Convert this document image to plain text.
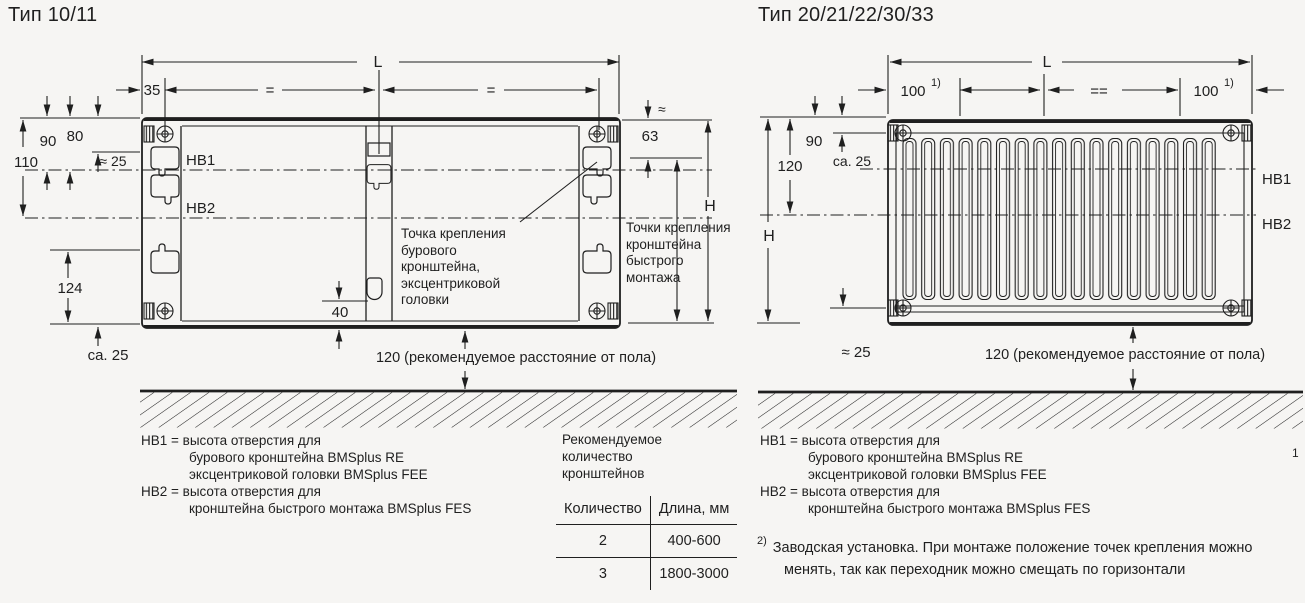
L
35	=	=
90 80
110	≈ 25	HB1
HB2
124
ca. 25
≈
63
H
40
120 (рекомендуемое расстояние от пола)
L
100 1)	==	100 1)
90
ca. 25
120
H
HB1
HB2
≈ 25	120 (рекомендуемое расстояние от пола)
Тип 10/11	Тип 20/21/22/30/33
Точка крепления
бурового
кронштейна,
эксцентриковой
головки
Точки крепления
кронштейна
быстрого
монтажа
HB1 = высота отверстия для
бурового кронштейна BMSplus RE
эксцентриковой головки BMSplus FEE
HB2 = высота отверстия для
кронштейна быстрого монтажа BMSplus FES
Рекомендуемое
количество
кронштейнов
Количество	Длина, мм
2	400-600
3	1800-3000
HB1 = высота отверстия для
бурового кронштейна BMSplus RE
эксцентриковой головки BMSplus FEE
HB2 = высота отверстия для
кронштейна быстрого монтажа BMSplus FES
$^{2)}$ Заводская установка. При монтаже положение точек крепления можно
менять, так как переходник можно смещать по горизонтали
1
